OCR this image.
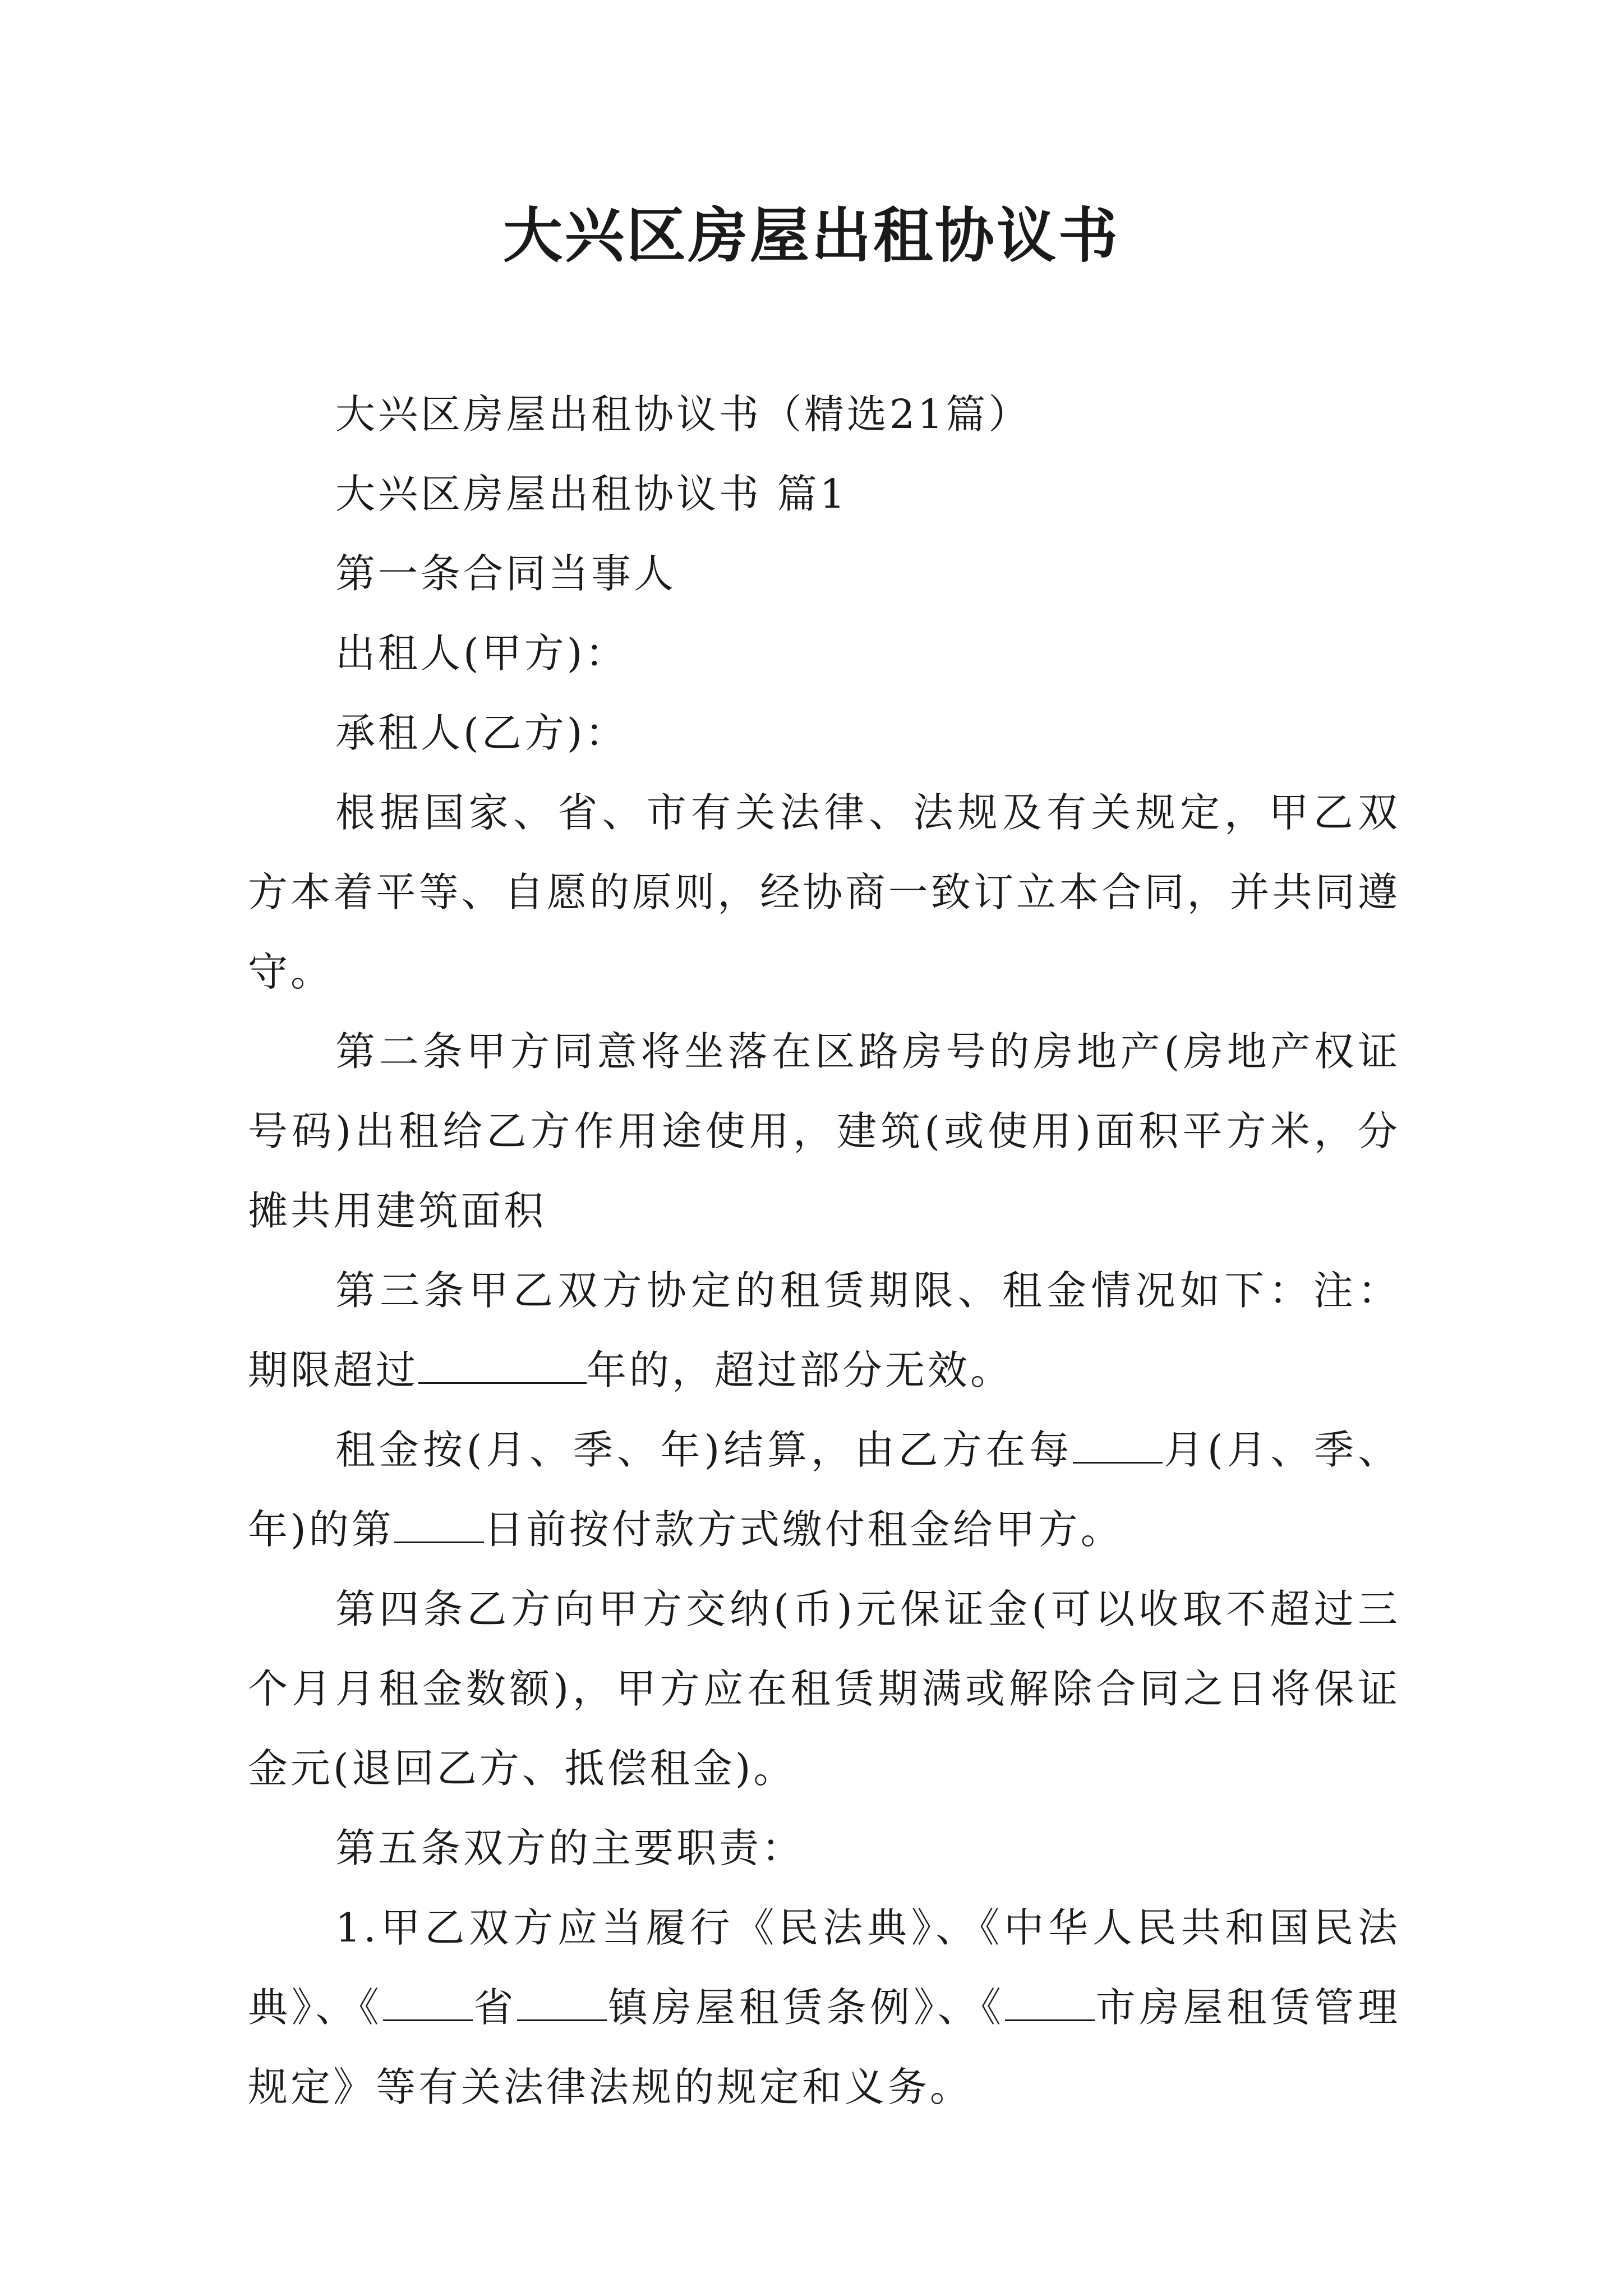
大兴区房屋出租协议书

大兴区房屋出租协议书（精选21篇）

大兴区房屋出租协议书 篇1

第一条合同当事人

出租人(甲方)：

承租人(乙方)：

根据国家、省、市有关法律、法规及有关规定，甲乙双方本着平等、自愿的原则，经协商一致订立本合同，并共同遵守。

第二条甲方同意将坐落在区路房号的房地产(房地产权证号码)出租给乙方作用途使用，建筑(或使用)面积平方米，分摊共用建筑面积

第三条甲乙双方协定的租赁期限、租金情况如下：注：期限超过	年的，超过部分无效。

租金按(月、季、年)结算，由乙方在每 月(月、季、年)的第 日前按付款方式缴付租金给甲方。

第四条乙方向甲方交纳(币)元保证金(可以收取不超过三个月月租金数额)，甲方应在租赁期满或解除合同之日将保证金元(退回乙方、抵偿租金)。

第五条双方的主要职责：

1.甲乙双方应当履行《民法典》、《中华人民共和国民法典》、《 省 镇房屋租赁条例》、《 市房屋租赁管理规定》等有关法律法规的规定和义务。
